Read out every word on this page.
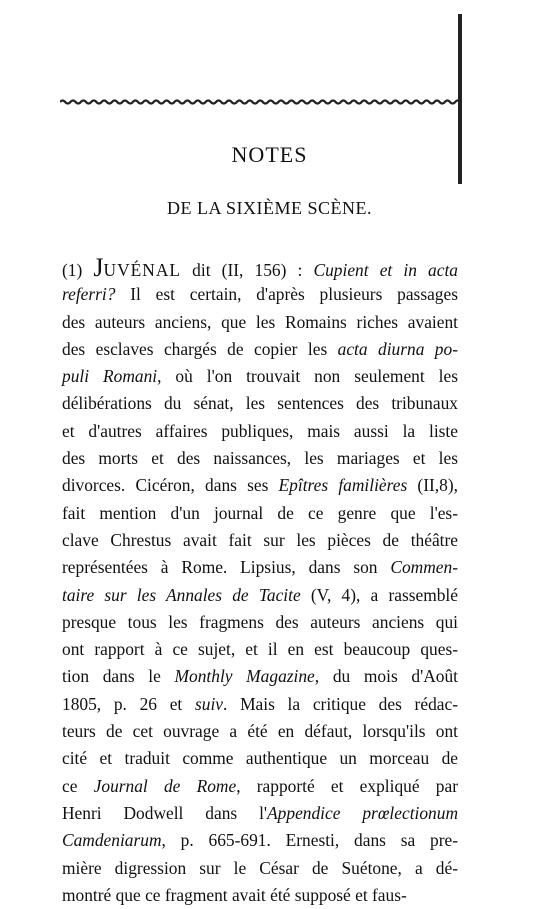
NOTES
DE LA SIXIÈME SCÈNE.
(1) JUVÉNAL dit (II, 156) : Cupient et in acta
referri? Il est certain, d'après plusieurs passages
des auteurs anciens, que les Romains riches avaient
des esclaves chargés de copier les acta diurna po-
puli Romani, où l'on trouvait non seulement les
délibérations du sénat, les sentences des tribunaux
et d'autres affaires publiques, mais aussi la liste
des morts et des naissances, les mariages et les
divorces. Cicéron, dans ses Epîtres familières (II,8),
fait mention d'un journal de ce genre que l'es-
clave Chrestus avait fait sur les pièces de théâtre
représentées à Rome. Lipsius, dans son Commen-
taire sur les Annales de Tacite (V, 4), a rassemblé
presque tous les fragmens des auteurs anciens qui
ont rapport à ce sujet, et il en est beaucoup ques-
tion dans le Monthly Magazine, du mois d'Août
1805, p. 26 et suiv. Mais la critique des rédac-
teurs de cet ouvrage a été en défaut, lorsqu'ils ont
cité et traduit comme authentique un morceau de
ce Journal de Rome, rapporté et expliqué par
Henri Dodwell dans l'Appendice prœlectionum
Camdeniarum, p. 665-691. Ernesti, dans sa pre-
mière digression sur le César de Suétone, a dé-
montré que ce fragment avait été supposé et faus-
